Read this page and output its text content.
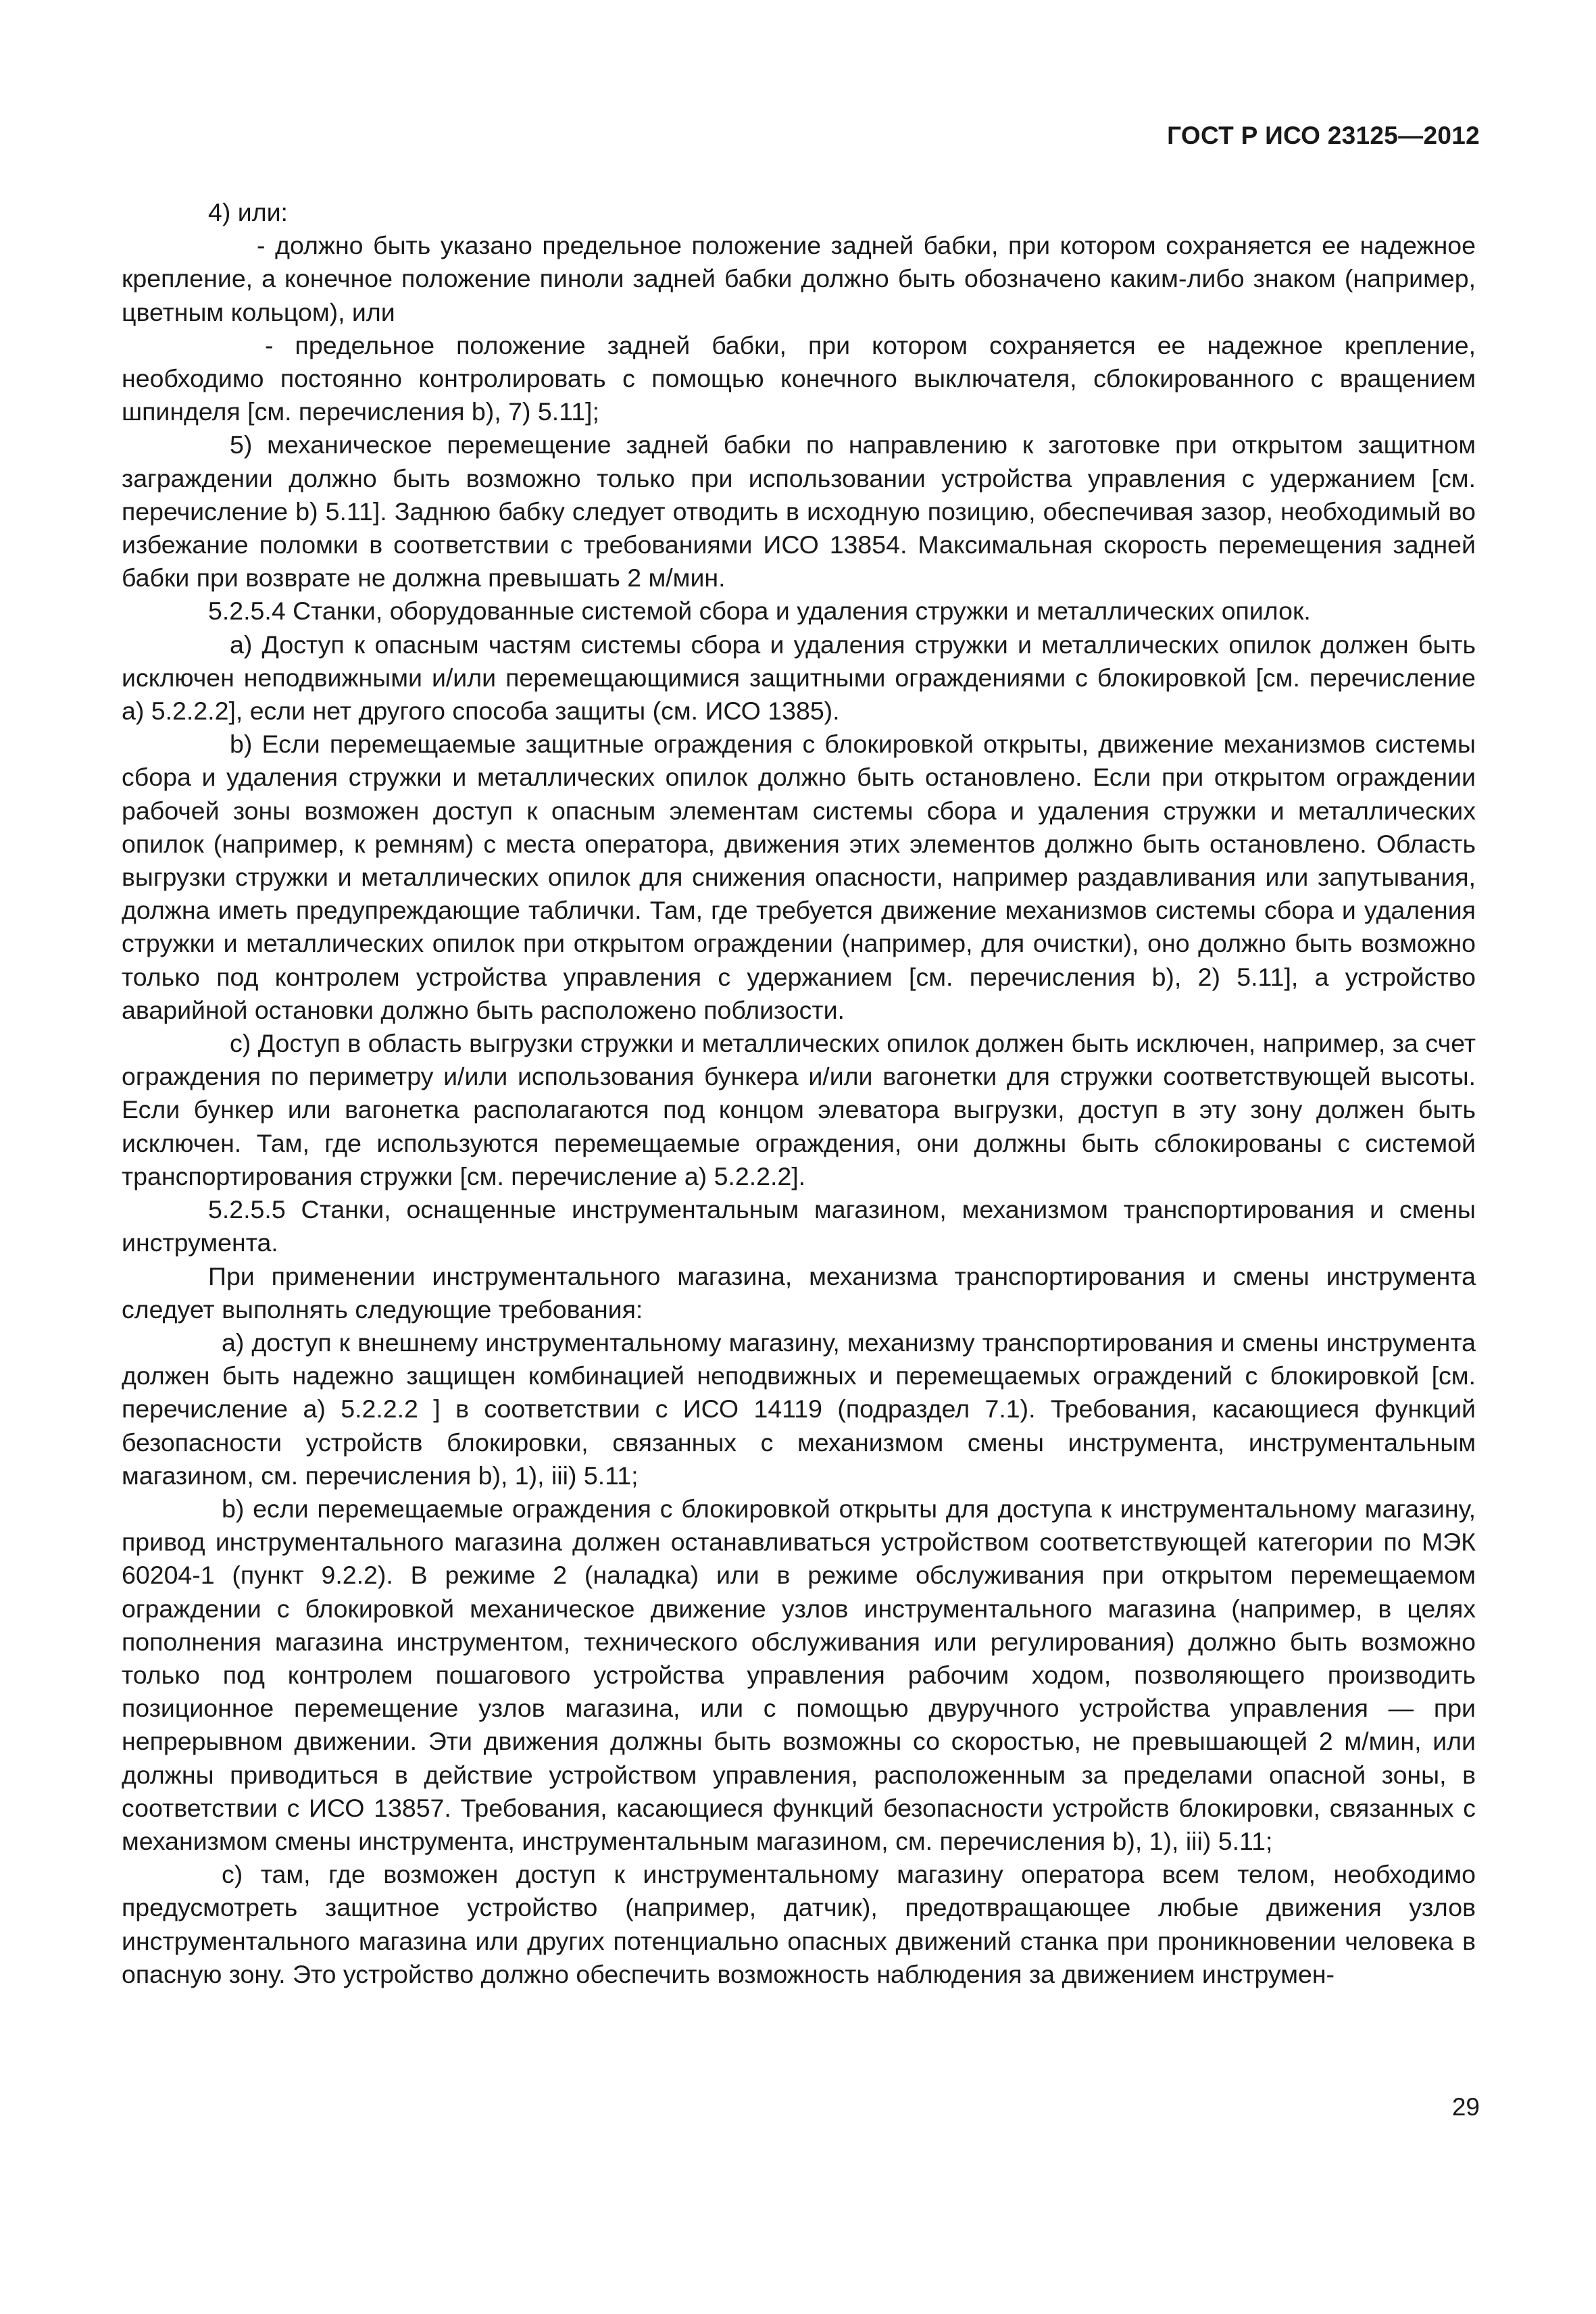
ГОСТ Р ИСО 23125—2012

4) или:

- должно быть указано предельное положение задней бабки, при котором сохраняется ее надежное крепление, а конечное положение пиноли задней бабки должно быть обозначено каким-либо знаком (например, цветным кольцом), или

- предельное положение задней бабки, при котором сохраняется ее надежное крепление, необходимо постоянно контролировать с помощью конечного выключателя, сблокированного с вращением шпинделя [см. перечисления b), 7) 5.11];

5) механическое перемещение задней бабки по направлению к заготовке при открытом защитном заграждении должно быть возможно только при использовании устройства управления с удержанием [см. перечисление b) 5.11]. Заднюю бабку следует отводить в исходную позицию, обеспечивая зазор, необходимый во избежание поломки в соответствии с требованиями ИСО 13854. Максимальная скорость перемещения задней бабки при возврате не должна превышать 2 м/мин.

5.2.5.4 Станки, оборудованные системой сбора и удаления стружки и металлических опилок.

a) Доступ к опасным частям системы сбора и удаления стружки и металлических опилок должен быть исключен неподвижными и/или перемещающимися защитными ограждениями с блокировкой [см. перечисление a) 5.2.2.2], если нет другого способа защиты (см. ИСО 1385).

b) Если перемещаемые защитные ограждения с блокировкой открыты, движение механизмов системы сбора и удаления стружки и металлических опилок должно быть остановлено. Если при открытом ограждении рабочей зоны возможен доступ к опасным элементам системы сбора и удаления стружки и металлических опилок (например, к ремням) с места оператора, движения этих элементов должно быть остановлено. Область выгрузки стружки и металлических опилок для снижения опасности, например раздавливания или запутывания, должна иметь предупреждающие таблички. Там, где требуется движение механизмов системы сбора и удаления стружки и металлических опилок при открытом ограждении (например, для очистки), оно должно быть возможно только под контролем устройства управления с удержанием [см. перечисления b), 2) 5.11], а устройство аварийной остановки должно быть расположено поблизости.

c) Доступ в область выгрузки стружки и металлических опилок должен быть исключен, например, за счет ограждения по периметру и/или использования бункера и/или вагонетки для стружки соответствующей высоты. Если бункер или вагонетка располагаются под концом элеватора выгрузки, доступ в эту зону должен быть исключен. Там, где используются перемещаемые ограждения, они должны быть сблокированы с системой транспортирования стружки [см. перечисление a) 5.2.2.2].

5.2.5.5 Станки, оснащенные инструментальным магазином, механизмом транспортирования и смены инструмента.

При применении инструментального магазина, механизма транспортирования и смены инструмента следует выполнять следующие требования:

a) доступ к внешнему инструментальному магазину, механизму транспортирования и смены инструмента должен быть надежно защищен комбинацией неподвижных и перемещаемых ограждений с блокировкой [см. перечисление a) 5.2.2.2 ] в соответствии с ИСО 14119 (подраздел 7.1). Требования, касающиеся функций безопасности устройств блокировки, связанных с механизмом смены инструмента, инструментальным магазином, см. перечисления b), 1), iii) 5.11;

b) если перемещаемые ограждения с блокировкой открыты для доступа к инструментальному магазину, привод инструментального магазина должен останавливаться устройством соответствующей категории по МЭК 60204-1 (пункт 9.2.2). В режиме 2 (наладка) или в режиме обслуживания при открытом перемещаемом ограждении с блокировкой механическое движение узлов инструментального магазина (например, в целях пополнения магазина инструментом, технического обслуживания или регулирования) должно быть возможно только под контролем пошагового устройства управления рабочим ходом, позволяющего производить позиционное перемещение узлов магазина, или с помощью двуручного устройства управления — при непрерывном движении. Эти движения должны быть возможны со скоростью, не превышающей 2 м/мин, или должны приводиться в действие устройством управления, расположенным за пределами опасной зоны, в соответствии с ИСО 13857. Требования, касающиеся функций безопасности устройств блокировки, связанных с механизмом смены инструмента, инструментальным магазином, см. перечисления b), 1), iii) 5.11;

c) там, где возможен доступ к инструментальному магазину оператора всем телом, необходимо предусмотреть защитное устройство (например, датчик), предотвращающее любые движения узлов инструментального магазина или других потенциально опасных движений станка при проникновении человека в опасную зону. Это устройство должно обеспечить возможность наблюдения за движением инструмен-

29
